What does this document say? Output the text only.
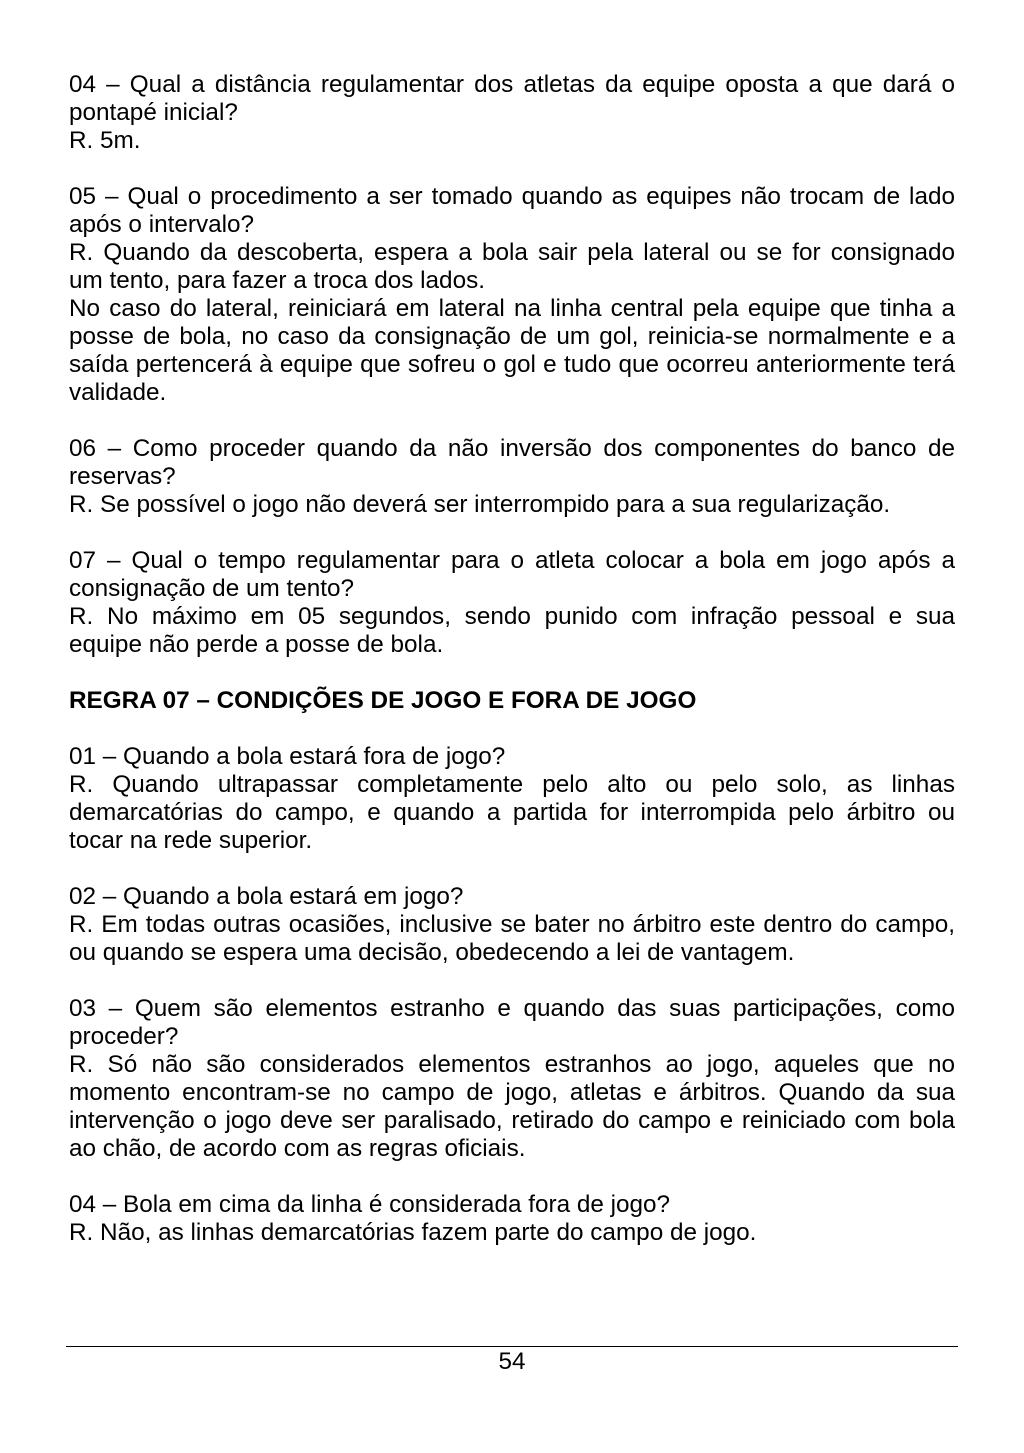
04 – Qual a distância regulamentar dos atletas da equipe oposta a que dará o
pontapé inicial?
R. 5m.
05 – Qual o procedimento a ser tomado quando as equipes não trocam de lado
após o intervalo?
R. Quando da descoberta, espera a bola sair pela lateral ou se for consignado
um tento, para fazer a troca dos lados.
No caso do lateral, reiniciará em lateral na linha central pela equipe que tinha a
posse de bola, no caso da consignação de um gol, reinicia-se normalmente e a
saída pertencerá à equipe que sofreu o gol e tudo que ocorreu anteriormente terá
validade.
06 – Como proceder quando da não inversão dos componentes do banco de
reservas?
R. Se possível o jogo não deverá ser interrompido para a sua regularização.
07 – Qual o tempo regulamentar para o atleta colocar a bola em jogo após a
consignação de um tento?
R. No máximo em 05 segundos, sendo punido com infração pessoal e sua
equipe não perde a posse de bola.
REGRA 07 – CONDIÇÕES DE JOGO E FORA DE JOGO
01 – Quando a bola estará fora de jogo?
R. Quando ultrapassar completamente pelo alto ou pelo solo, as linhas
demarcatórias do campo, e quando a partida for interrompida pelo árbitro ou
tocar na rede superior.
02 – Quando a bola estará em jogo?
R. Em todas outras ocasiões, inclusive se bater no árbitro este dentro do campo,
ou quando se espera uma decisão, obedecendo a lei de vantagem.
03 – Quem são elementos estranho e quando das suas participações, como
proceder?
R. Só não são considerados elementos estranhos ao jogo, aqueles que no
momento encontram-se no campo de jogo, atletas e árbitros. Quando da sua
intervenção o jogo deve ser paralisado, retirado do campo e reiniciado com bola
ao chão, de acordo com as regras oficiais.
04 – Bola em cima da linha é considerada fora de jogo?
R. Não, as linhas demarcatórias fazem parte do campo de jogo.
54
